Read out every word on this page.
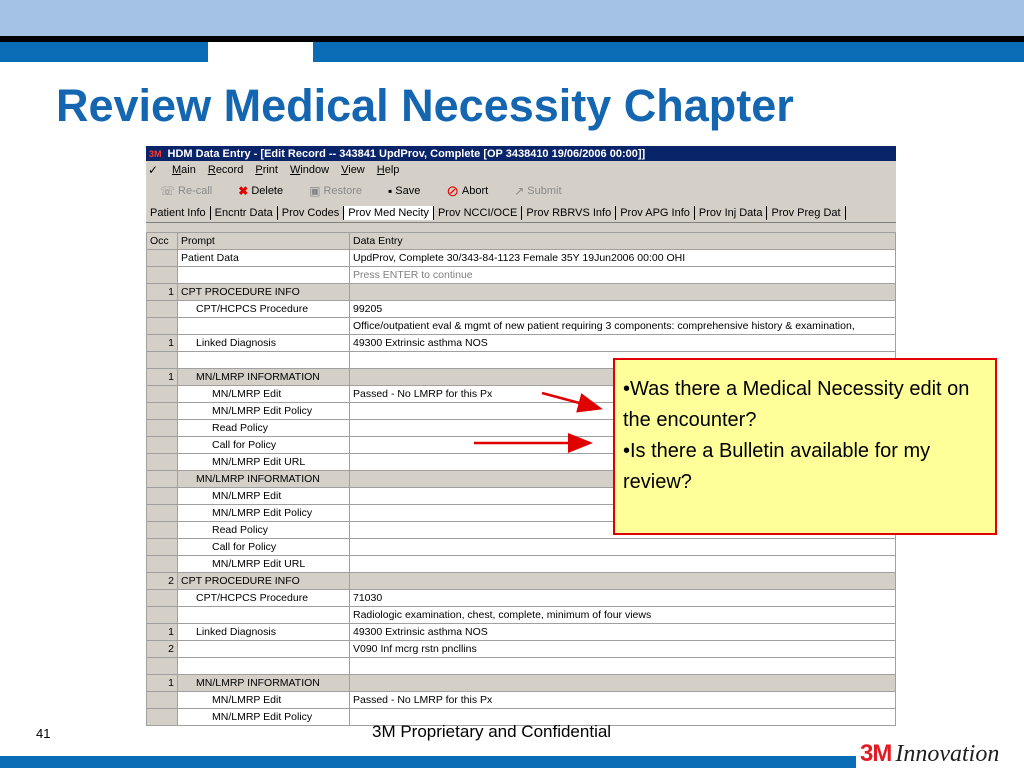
Review Medical Necessity Chapter
3M HDM Data Entry - [Edit Record -- 343841 UpdProv, Complete [OP 3438410 19/06/2006 00:00]]
✓	Main	Record	Print	Window	View	Help
☏ Re-call ✖ Delete ▣ Restore ▪ Save ⊘ Abort ↗ Submit
Patient Info Encntr Data Prov Codes Prov Med Necity Prov NCCI/OCE Prov RBRVS Info Prov APG Info Prov Inj Data Prov Preg Dat
Occ	Prompt	Data Entry
	Patient Data	UpdProv, Complete 30/343-84-1123 Female 35Y 19Jun2006 00:00 OHI
		Press ENTER to continue
1	CPT PROCEDURE INFO	
	CPT/HCPCS Procedure	99205
		Office/outpatient eval & mgmt of new patient requiring 3 components: comprehensive history & examination,
1	Linked Diagnosis	49300 Extrinsic asthma NOS

1	MN/LMRP INFORMATION	
	MN/LMRP Edit	Passed - No LMRP for this Px
	MN/LMRP Edit Policy	
	Read Policy	
	Call for Policy	
	MN/LMRP Edit URL	
	MN/LMRP INFORMATION	
	MN/LMRP Edit	
	MN/LMRP Edit Policy	
	Read Policy	
	Call for Policy	
	MN/LMRP Edit URL	
2	CPT PROCEDURE INFO	
	CPT/HCPCS Procedure	71030
		Radiologic examination, chest, complete, minimum of four views
1	Linked Diagnosis	49300 Extrinsic asthma NOS
2		V090 Inf mcrg rstn pncllins

1	MN/LMRP INFORMATION	
	MN/LMRP Edit	Passed - No LMRP for this Px
	MN/LMRP Edit Policy	

•Was there a Medical Necessity edit on the encounter?

•Is there a Bulletin available for my review?

41	3M Proprietary and Confidential
3M Innovation
